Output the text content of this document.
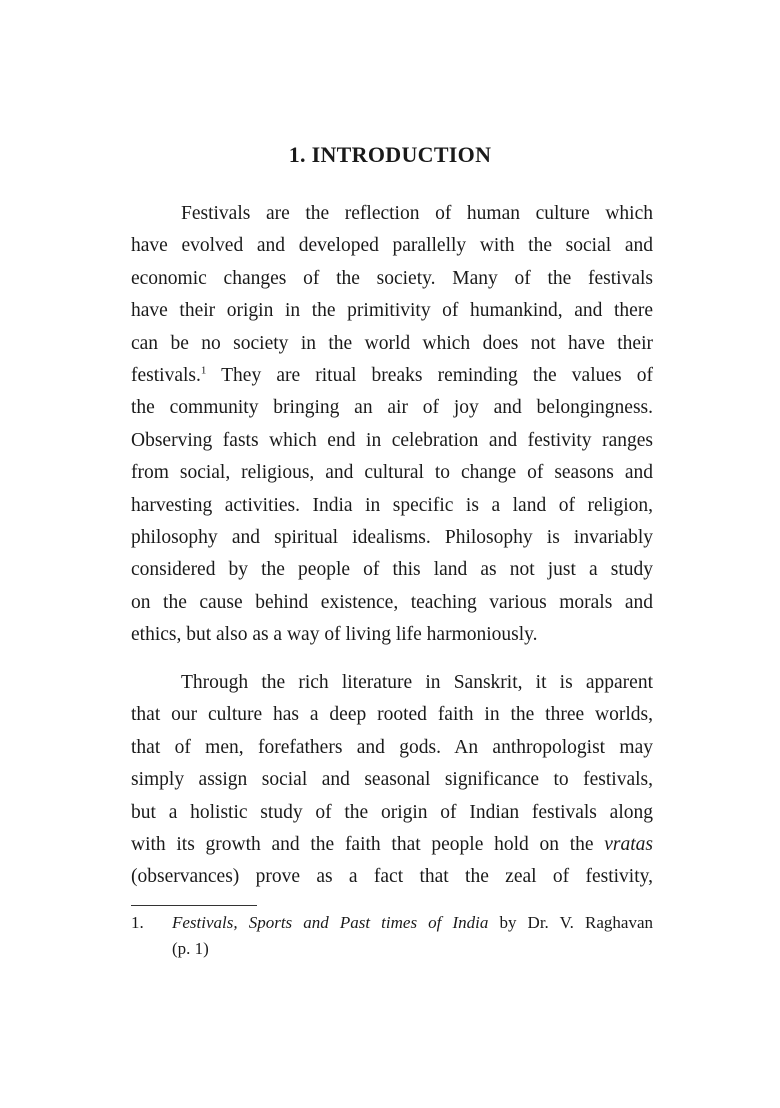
1. INTRODUCTION
Festivals are the reflection of human culture which
have evolved and developed parallelly with the social and
economic changes of the society. Many of the festivals
have their origin in the primitivity of humankind, and there
can be no society in the world which does not have their
festivals.$^1$ They are ritual breaks reminding the values of
the community bringing an air of joy and belongingness.
Observing fasts which end in celebration and festivity ranges
from social, religious, and cultural to change of seasons and
harvesting activities. India in specific is a land of religion,
philosophy and spiritual idealisms. Philosophy is invariably
considered by the people of this land as not just a study
on the cause behind existence, teaching various morals and
ethics, but also as a way of living life harmoniously.
Through the rich literature in Sanskrit, it is apparent
that our culture has a deep rooted faith in the three worlds,
that of men, forefathers and gods. An anthropologist may
simply assign social and seasonal significance to festivals,
but a holistic study of the origin of Indian festivals along
with its growth and the faith that people hold on the vratas
(observances) prove as a fact that the zeal of festivity,
1. Festivals, Sports and Past times of India by Dr. V. Raghavan
(p. 1)
